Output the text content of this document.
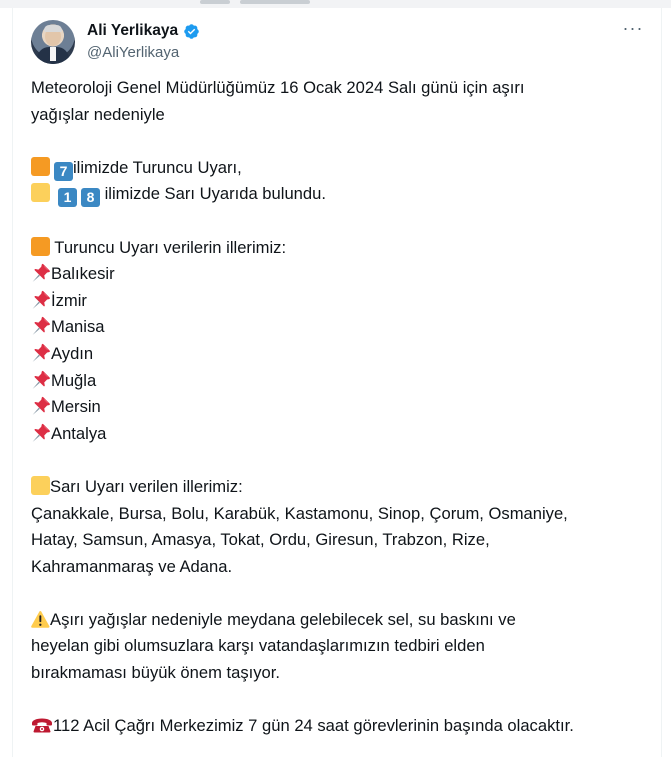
Ali Yerlikaya
@AliYerlikaya
···
Meteoroloji Genel Müdürlüğümüz 16 Ocak 2024 Salı günü için aşırı
yağışlar nedeniyle
7 ilimizde Turuncu Uyarı,
1 8 ilimizde Sarı Uyarıda bulundu.
Turuncu Uyarı verilerin illerimiz:
Balıkesir
İzmir
Manisa
Aydın
Muğla
Mersin
Antalya
Sarı Uyarı verilen illerimiz:
Çanakkale, Bursa, Bolu, Karabük, Kastamonu, Sinop, Çorum, Osmaniye,
Hatay, Samsun, Amasya, Tokat, Ordu, Giresun, Trabzon, Rize,
Kahramanmaraş ve Adana.
Aşırı yağışlar nedeniyle meydana gelebilecek sel, su baskını ve
heyelan gibi olumsuzlara karşı vatandaşlarımızın tedbiri elden
bırakmaması büyük önem taşıyor.
112 Acil Çağrı Merkezimiz 7 gün 24 saat görevlerinin başında olacaktır.
